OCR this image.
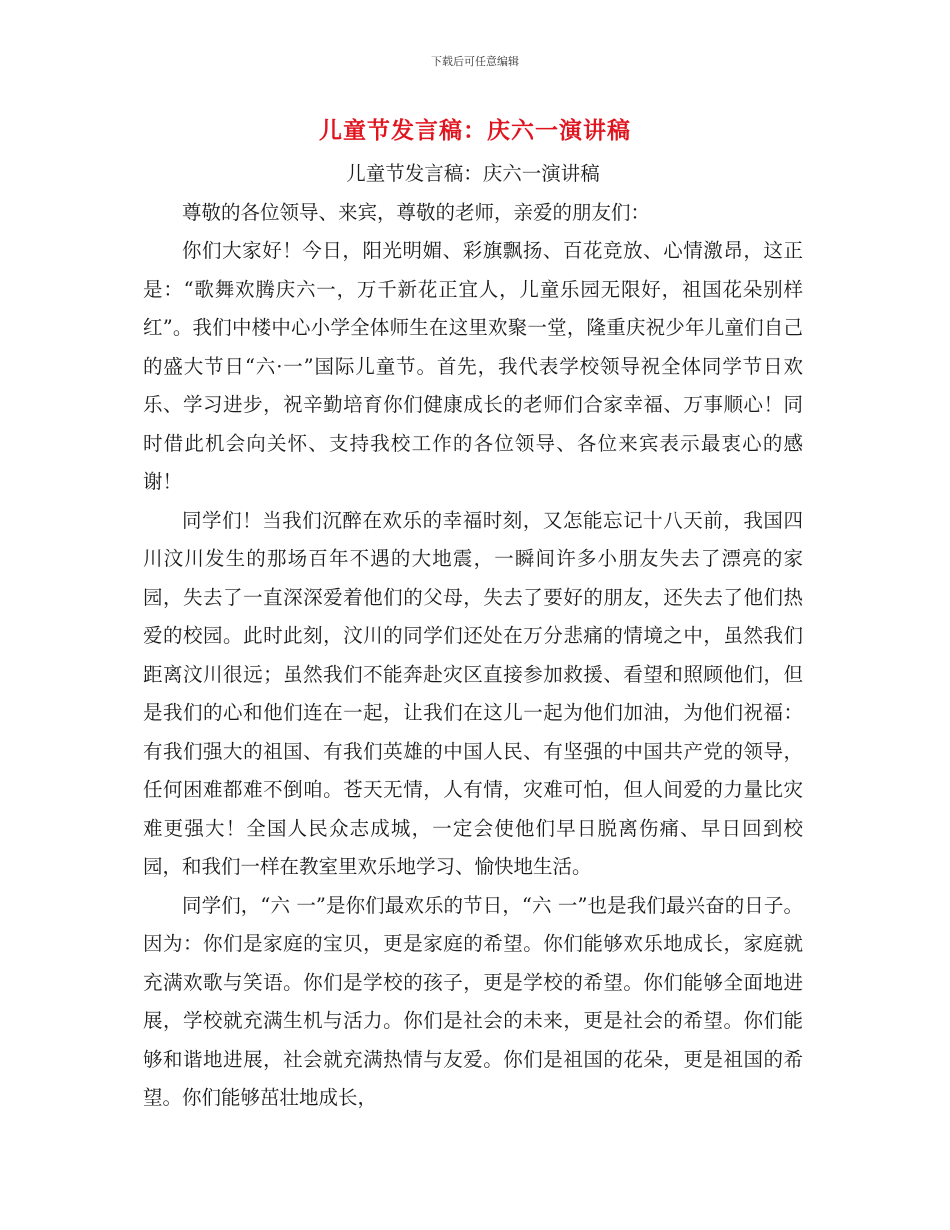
下载后可任意编辑
儿童节发言稿：庆六一演讲稿

儿童节发言稿：庆六一演讲稿

尊敬的各位领导、来宾，尊敬的老师，亲爱的朋友们：

你们大家好！今日，阳光明媚、彩旗飘扬、百花竞放、心情激昂，这正是：“歌舞欢腾庆六一，万千新花正宜人，儿童乐园无限好，祖国花朵别样红”。我们中楼中心小学全体师生在这里欢聚一堂，隆重庆祝少年儿童们自己的盛大节日“六·一”国际儿童节。首先，我代表学校领导祝全体同学节日欢乐、学习进步，祝辛勤培育你们健康成长的老师们合家幸福、万事顺心！同时借此机会向关怀、支持我校工作的各位领导、各位来宾表示最衷心的感谢！

同学们！当我们沉醉在欢乐的幸福时刻，又怎能忘记十八天前，我国四川汶川发生的那场百年不遇的大地震，一瞬间许多小朋友失去了漂亮的家园，失去了一直深深爱着他们的父母，失去了要好的朋友，还失去了他们热爱的校园。此时此刻，汶川的同学们还处在万分悲痛的情境之中，虽然我们距离汶川很远；虽然我们不能奔赴灾区直接参加救援、看望和照顾他们，但是我们的心和他们连在一起，让我们在这儿一起为他们加油，为他们祝福：有我们强大的祖国、有我们英雄的中国人民、有坚强的中国共产党的领导，任何困难都难不倒咱。苍天无情，人有情，灾难可怕，但人间爱的力量比灾难更强大！全国人民众志成城，一定会使他们早日脱离伤痛、早日回到校园，和我们一样在教室里欢乐地学习、愉快地生活。

同学们，“六 一”是你们最欢乐的节日，“六 一”也是我们最兴奋的日子。因为：你们是家庭的宝贝，更是家庭的希望。你们能够欢乐地成长，家庭就充满欢歌与笑语。你们是学校的孩子，更是学校的希望。你们能够全面地进展，学校就充满生机与活力。你们是社会的未来，更是社会的希望。你们能够和谐地进展，社会就充满热情与友爱。你们是祖国的花朵，更是祖国的希望。你们能够茁壮地成长，
